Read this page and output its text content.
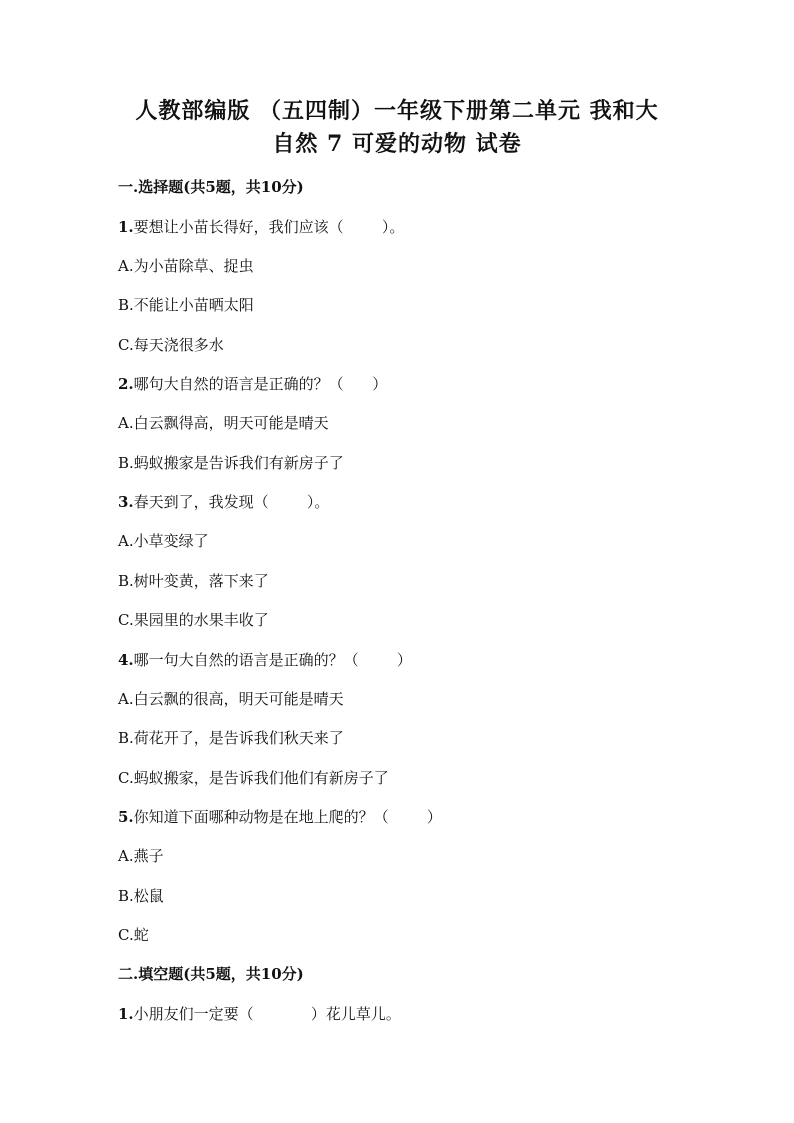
人教部编版 （五四制）一年级下册第二单元 我和大
自然 7 可爱的动物 试卷
一.选择题(共5题，共10分)
1.要想让小苗长得好，我们应该（        ）。
A.为小苗除草、捉虫
B.不能让小苗晒太阳
C.每天浇很多水
2.哪句大自然的语言是正确的？（      ）
A.白云飘得高，明天可能是晴天
B.蚂蚁搬家是告诉我们有新房子了
3.春天到了，我发现（        ）。
A.小草变绿了
B.树叶变黄，落下来了
C.果园里的水果丰收了
4.哪一句大自然的语言是正确的？（        ）
A.白云飘的很高，明天可能是晴天
B.荷花开了，是告诉我们秋天来了
C.蚂蚁搬家，是告诉我们他们有新房子了
5.你知道下面哪种动物是在地上爬的？（        ）
A.燕子
B.松鼠
C.蛇
二.填空题(共5题，共10分)
1.小朋友们一定要（            ）花儿草儿。
